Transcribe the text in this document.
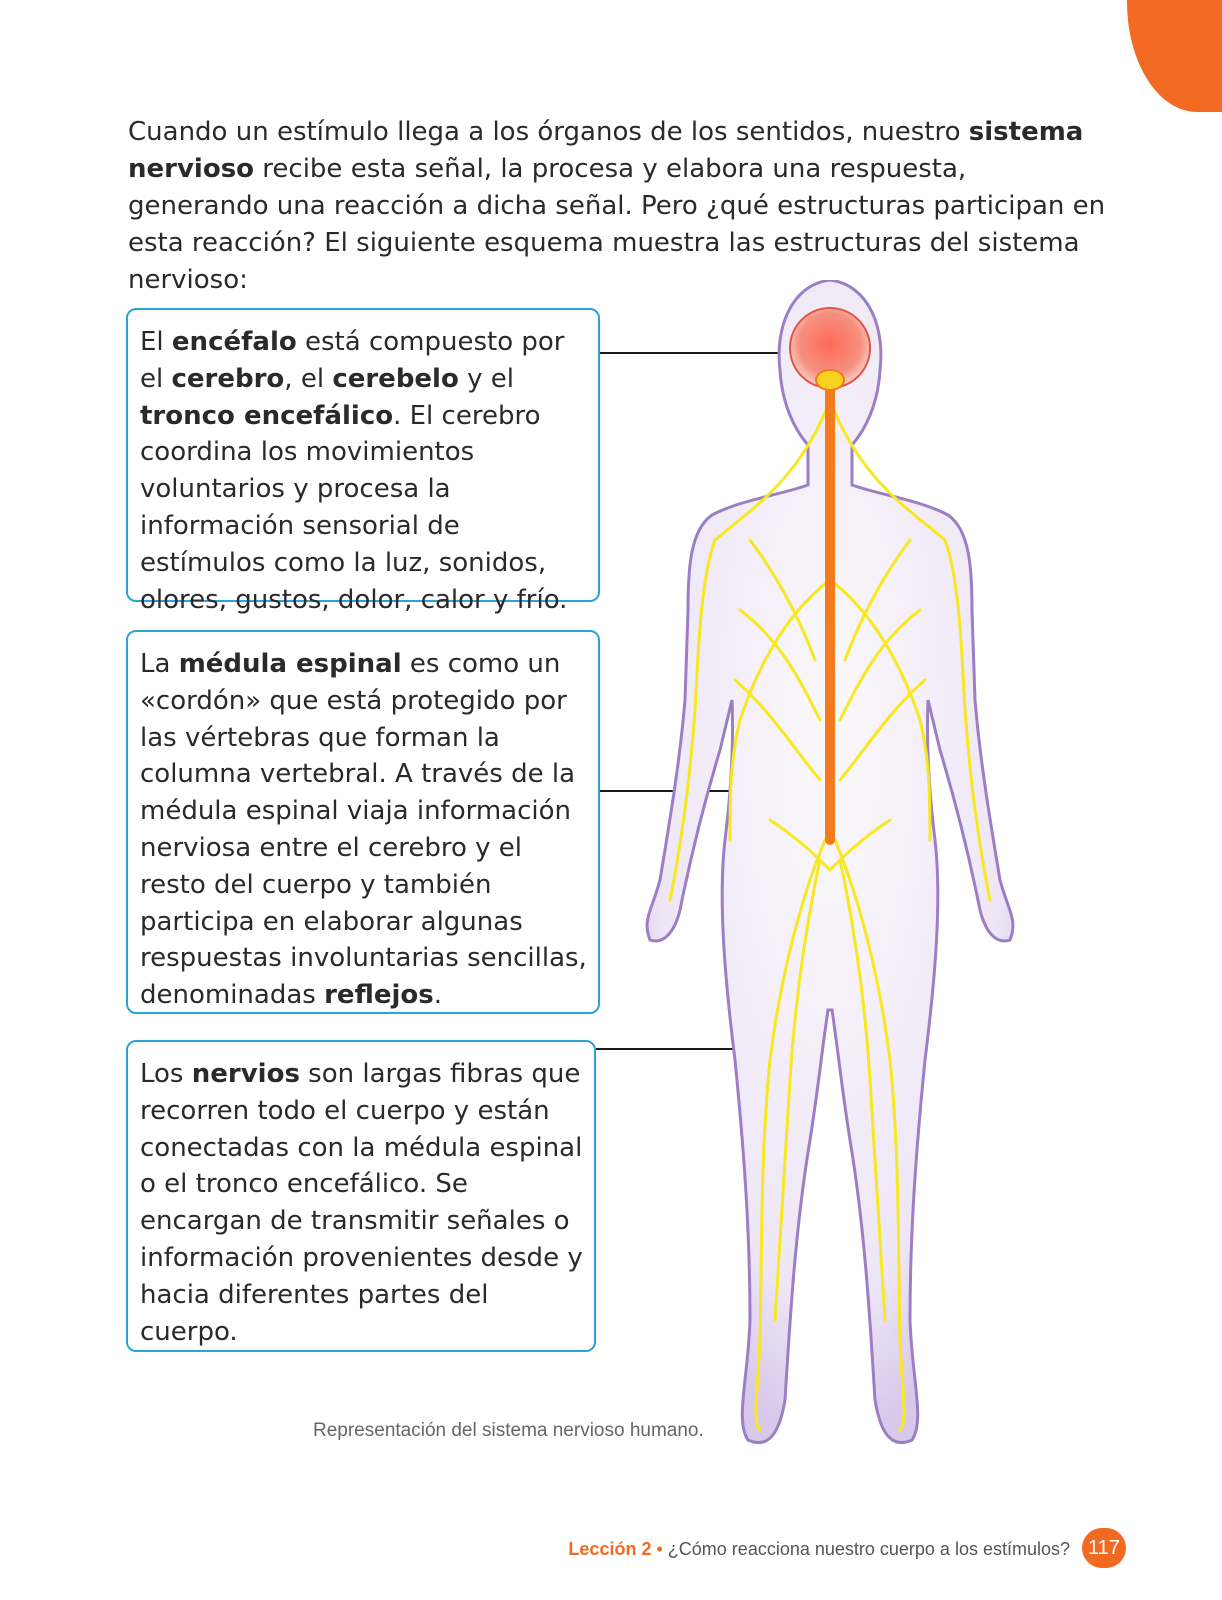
Cuando un estímulo llega a los órganos de los sentidos, nuestro sistema nervioso recibe esta señal, la procesa y elabora una respuesta, generando una reacción a dicha señal. Pero ¿qué estructuras participan en esta reacción? El siguiente esquema muestra las estructuras del sistema nervioso:

El encéfalo está compuesto por el cerebro, el cerebelo y el tronco encefálico. El cerebro coordina los movimientos voluntarios y procesa la información sensorial de estímulos como la luz, sonidos, olores, gustos, dolor, calor y frío.

La médula espinal es como un «cordón» que está protegido por las vértebras que forman la columna vertebral. A través de la médula espinal viaja información nerviosa entre el cerebro y el resto del cuerpo y también participa en elaborar algunas respuestas involuntarias sencillas, denominadas reflejos.

Los nervios son largas fibras que recorren todo el cuerpo y están conectadas con la médula espinal o el tronco encefálico. Se encargan de transmitir señales o información provenientes desde y hacia diferentes partes del cuerpo.

Representación del sistema nervioso humano.

Lección 2 • ¿Cómo reacciona nuestro cuerpo a los estímulos? 117
